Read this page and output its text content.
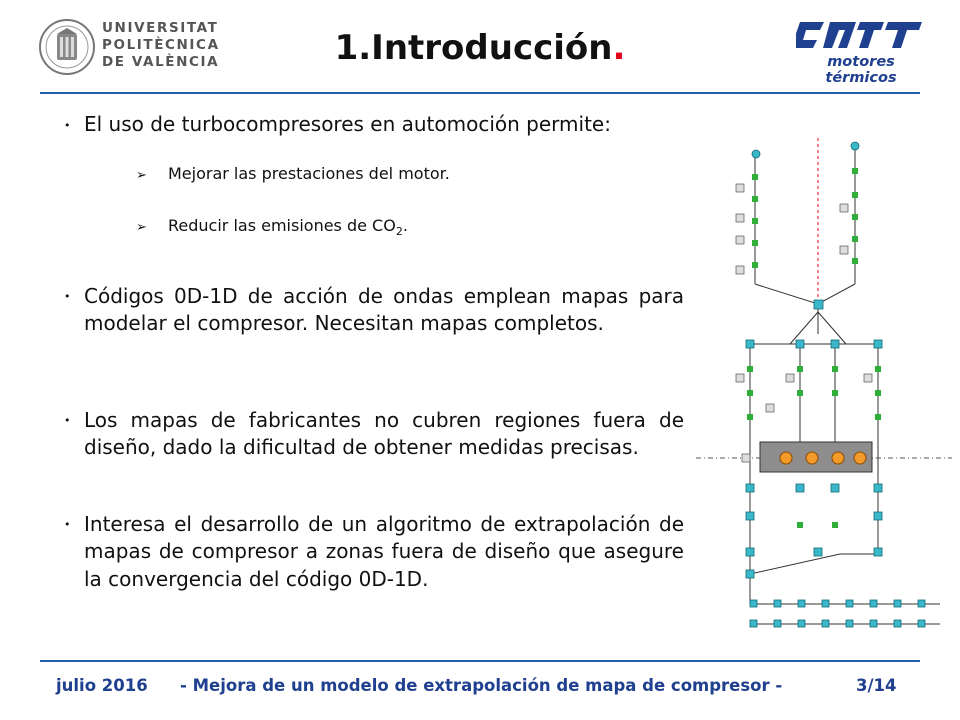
UNIVERSITAT
POLITÈCNICA
DE VALÈNCIA	1.Introducción.	motores térmicos
• El uso de turbocompresores en automoción permite:
➢ Mejorar las prestaciones del motor.
➢ Reducir las emisiones de $CO_2$.
• Códigos 0D-1D de acción de ondas emplean mapas para modelar el compresor. Necesitan mapas completos.
• Los mapas de fabricantes no cubren regiones fuera de diseño, dado la dificultad de obtener medidas precisas.
• Interesa el desarrollo de un algoritmo de extrapolación de mapas de compresor a zonas fuera de diseño que asegure la convergencia del código 0D-1D.
julio 2016 - Mejora de un modelo de extrapolación de mapa de compresor -	3/14
